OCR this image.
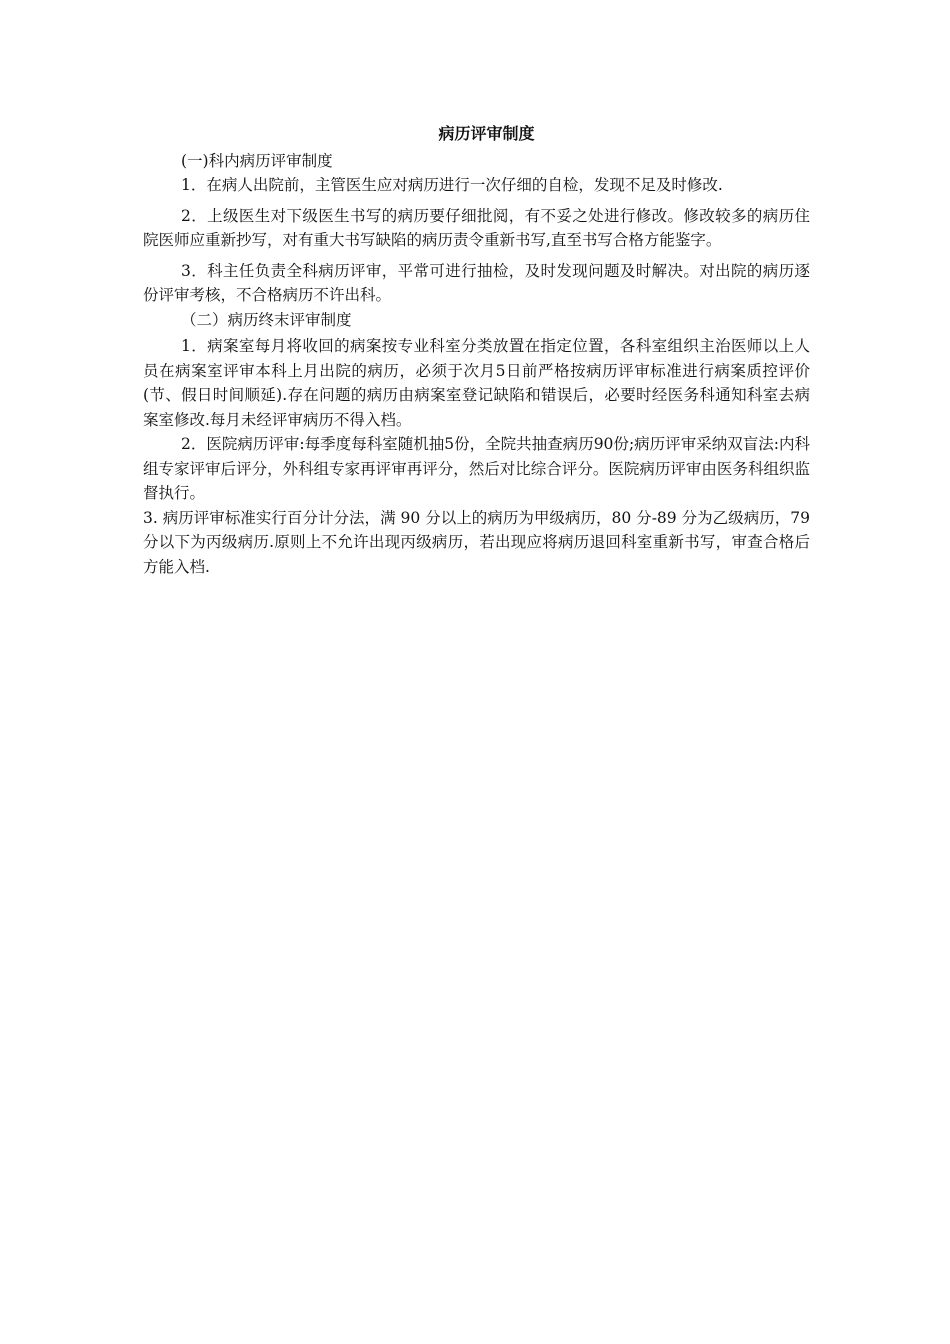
病历评审制度
(一)科内病历评审制度

1．在病人出院前，主管医生应对病历进行一次仔细的自检，发现不足及时修改.

2．上级医生对下级医生书写的病历要仔细批阅，有不妥之处进行修改。修改较多的病历住院医师应重新抄写，对有重大书写缺陷的病历责令重新书写,直至书写合格方能鉴字。

3．科主任负责全科病历评审，平常可进行抽检，及时发现问题及时解决。对出院的病历逐份评审考核，不合格病历不许出科。

（二）病历终末评审制度

1．病案室每月将收回的病案按专业科室分类放置在指定位置，各科室组织主治医师以上人员在病案室评审本科上月出院的病历，必须于次月5日前严格按病历评审标准进行病案质控评价(节、假日时间顺延).存在问题的病历由病案室登记缺陷和错误后，必要时经医务科通知科室去病案室修改.每月未经评审病历不得入档。

2．医院病历评审:每季度每科室随机抽5份，全院共抽查病历90份;病历评审采纳双盲法:内科组专家评审后评分，外科组专家再评审再评分，然后对比综合评分。医院病历评审由医务科组织监督执行。

3. 病历评审标准实行百分计分法，满 90 分以上的病历为甲级病历，80 分-89 分为乙级病历，79 分以下为丙级病历.原则上不允许出现丙级病历，若出现应将病历退回科室重新书写，审查合格后方能入档.
